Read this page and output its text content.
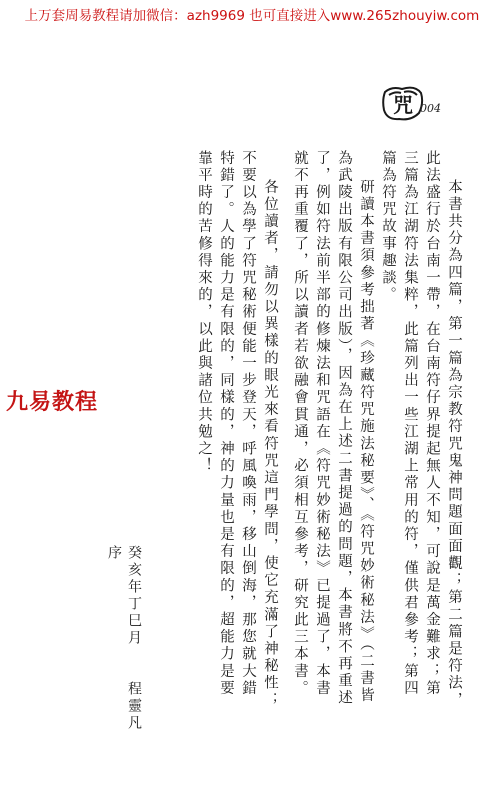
上万套周易教程请加微信：azh9969 也可直接进入www.265zhouyiw.com
咒 004
九易教程	本書共分為四篇，第一篇為宗教符咒鬼神問題面面觀；第二篇是符法，此法盛行於台南一帶，在台南符仔界提起無人不知，可說是萬金難求；第三篇為江湖符法集粹，此篇列出一些江湖上常用的符，僅供君參考；第四篇為符咒故事趣談。

研讀本書須參考拙著《珍藏符咒施法秘要》、《符咒妙術秘法》（二書皆為武陵出版有限公司出版），因為在上述二書提過的問題，本書將不再重述了，例如符法前半部的修煉法和咒語在《符咒妙術秘法》已提過了，本書就不再重覆了，所以讀者若欲融會貫通，必須相互參考，研究此三本書。

各位讀者，請勿以異樣的眼光來看符咒這門學問，使它充滿了神秘性；不要以為學了符咒秘術便能一步登天，呼風喚雨，移山倒海，那您就大錯特錯了。人的能力是有限的，同樣的，神的力量也是有限的，超能力是要靠平時的苦修得來的，以此與諸位共勉之！

癸亥年丁巳月　　程靈凡序
